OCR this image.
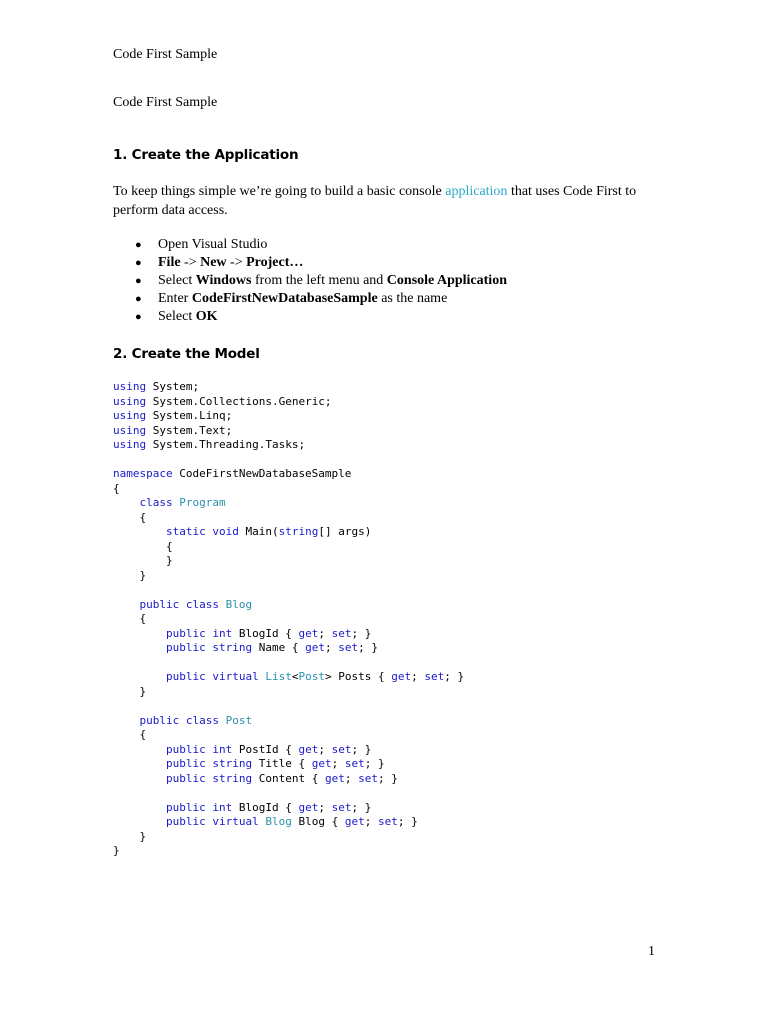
Code First Sample
Code First Sample
1. Create the Application
To keep things simple we’re going to build a basic console application that uses Code First to perform data access.
● Open Visual Studio
● File -> New -> Project…
● Select Windows from the left menu and Console Application
● Enter CodeFirstNewDatabaseSample as the name
● Select OK
2. Create the Model
using System;
using System.Collections.Generic;
using System.Linq;
using System.Text;
using System.Threading.Tasks;

namespace CodeFirstNewDatabaseSample
{
class Program
{
static void Main(string[] args)
{
}
}

public class Blog
{
public int BlogId { get; set; }
public string Name { get; set; }

public virtual List<Post> Posts { get; set; }
}

public class Post
{
public int PostId { get; set; }
public string Title { get; set; }
public string Content { get; set; }

public int BlogId { get; set; }
public virtual Blog Blog { get; set; }
}
}
1
